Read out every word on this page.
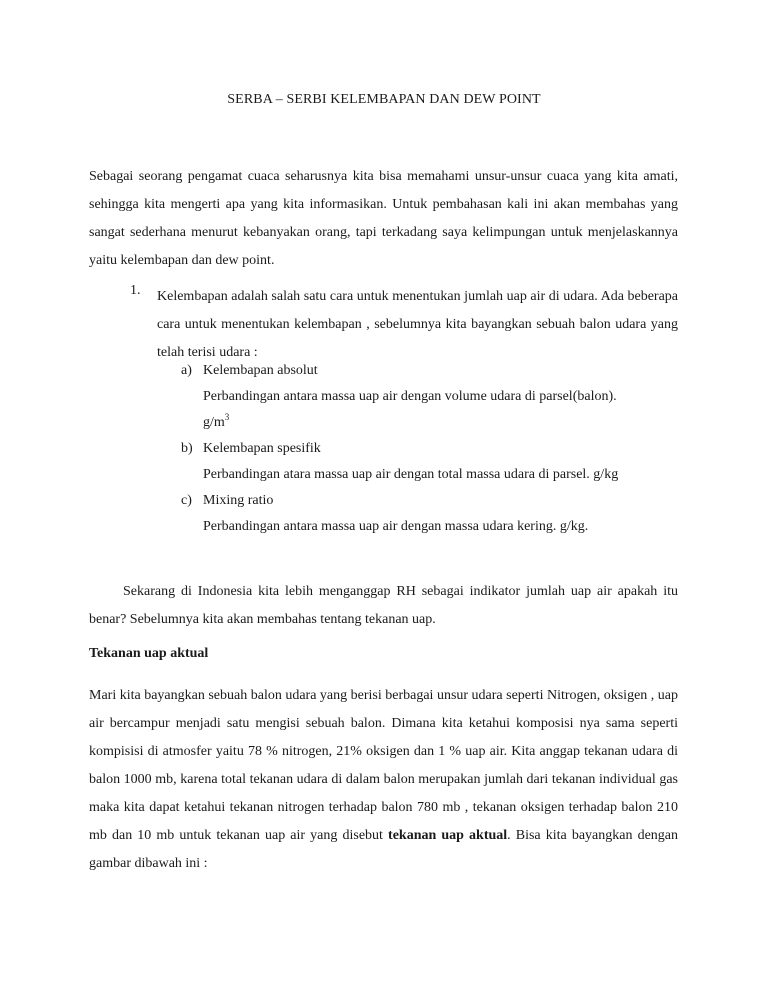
SERBA – SERBI KELEMBAPAN DAN DEW POINT
Sebagai seorang pengamat cuaca seharusnya kita bisa memahami unsur-unsur cuaca yang kita amati, sehingga kita mengerti apa yang kita informasikan. Untuk pembahasan kali ini akan membahas yang sangat sederhana menurut kebanyakan orang, tapi terkadang saya kelimpungan untuk menjelaskannya yaitu kelembapan dan dew point.
1. Kelembapan adalah salah satu cara untuk menentukan jumlah uap air di udara. Ada beberapa cara untuk menentukan kelembapan , sebelumnya kita bayangkan sebuah balon udara yang telah terisi udara :
a) Kelembapan absolut
Perbandingan antara massa uap air dengan volume udara di parsel(balon).
$g/m^3$
b) Kelembapan spesifik
Perbandingan atara massa uap air dengan total massa udara di parsel. g/kg
c) Mixing ratio
Perbandingan antara massa uap air dengan massa udara kering. g/kg.
Sekarang di Indonesia kita lebih menganggap RH sebagai indikator jumlah uap air apakah itu benar? Sebelumnya kita akan membahas tentang tekanan uap.
Tekanan uap aktual
Mari kita bayangkan sebuah balon udara yang berisi berbagai unsur udara seperti Nitrogen, oksigen , uap air bercampur menjadi satu mengisi sebuah balon. Dimana kita ketahui komposisi nya sama seperti kompisisi di atmosfer yaitu 78 % nitrogen, 21% oksigen dan 1 % uap air. Kita anggap tekanan udara di balon 1000 mb, karena total tekanan udara di dalam balon merupakan jumlah dari tekanan individual gas maka kita dapat ketahui tekanan nitrogen terhadap balon 780 mb , tekanan oksigen terhadap balon 210 mb dan 10 mb untuk tekanan uap air yang disebut tekanan uap aktual. Bisa kita bayangkan dengan gambar dibawah ini :
